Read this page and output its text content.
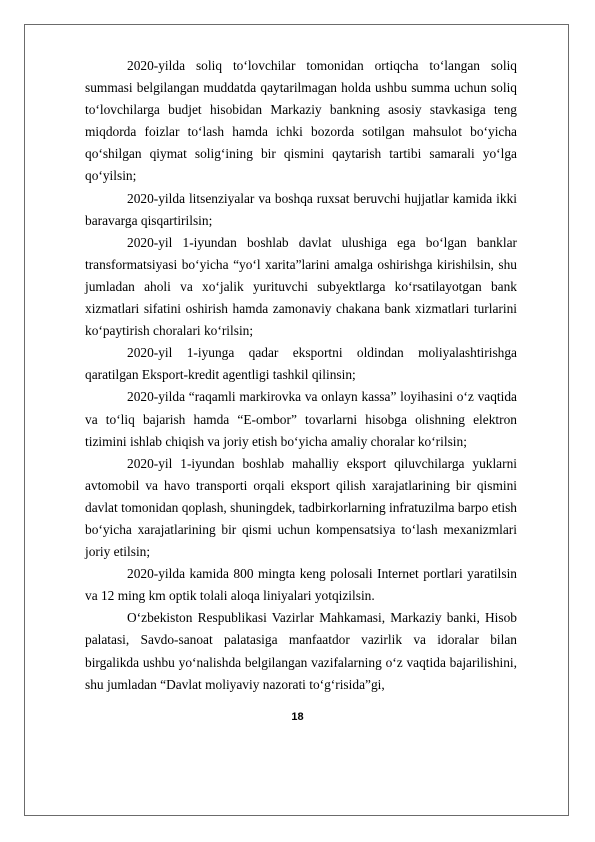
2020-yilda soliq to‘lovchilar tomonidan ortiqcha to‘langan soliq summasi belgilangan muddatda qaytarilmagan holda ushbu summa uchun soliq to‘lovchilarga budjet hisobidan Markaziy bankning asosiy stavkasiga teng miqdorda foizlar to‘lash hamda ichki bozorda sotilgan mahsulot bo‘yicha qo‘shilgan qiymat solig‘ining bir qismini qaytarish tartibi samarali yo‘lga qo‘yilsin;

2020-yilda litsenziyalar va boshqa ruxsat beruvchi hujjatlar kamida ikki baravarga qisqartirilsin;

2020-yil 1-iyundan boshlab davlat ulushiga ega bo‘lgan banklar transformatsiyasi bo‘yicha “yo‘l xarita”larini amalga oshirishga kirishilsin, shu jumladan aholi va xo‘jalik yurituvchi subyektlarga ko‘rsatilayotgan bank xizmatlari sifatini oshirish hamda zamonaviy chakana bank xizmatlari turlarini ko‘paytirish choralari ko‘rilsin;

2020-yil 1-iyunga qadar eksportni oldindan moliyalashtirishga qaratilgan Eksport-kredit agentligi tashkil qilinsin;

2020-yilda “raqamli markirovka va onlayn kassa” loyihasini o‘z vaqtida va to‘liq bajarish hamda “E-ombor” tovarlarni hisobga olishning elektron tizimini ishlab chiqish va joriy etish bo‘yicha amaliy choralar ko‘rilsin;

2020-yil 1-iyundan boshlab mahalliy eksport qiluvchilarga yuklarni avtomobil va havo transporti orqali eksport qilish xarajatlarining bir qismini davlat tomonidan qoplash, shuningdek, tadbirkorlarning infratuzilma barpo etish bo‘yicha xarajatlarining bir qismi uchun kompensatsiya to‘lash mexanizmlari joriy etilsin;

2020-yilda kamida 800 mingta keng polosali Internet portlari yaratilsin va 12 ming km optik tolali aloqa liniyalari yotqizilsin.

O‘zbekiston Respublikasi Vazirlar Mahkamasi, Markaziy banki, Hisob palatasi, Savdo-sanoat palatasiga manfaatdor vazirlik va idoralar bilan birgalikda ushbu yo‘nalishda belgilangan vazifalarning o‘z vaqtida bajarilishini, shu jumladan “Davlat moliyaviy nazorati to‘g‘risida”gi,

18
